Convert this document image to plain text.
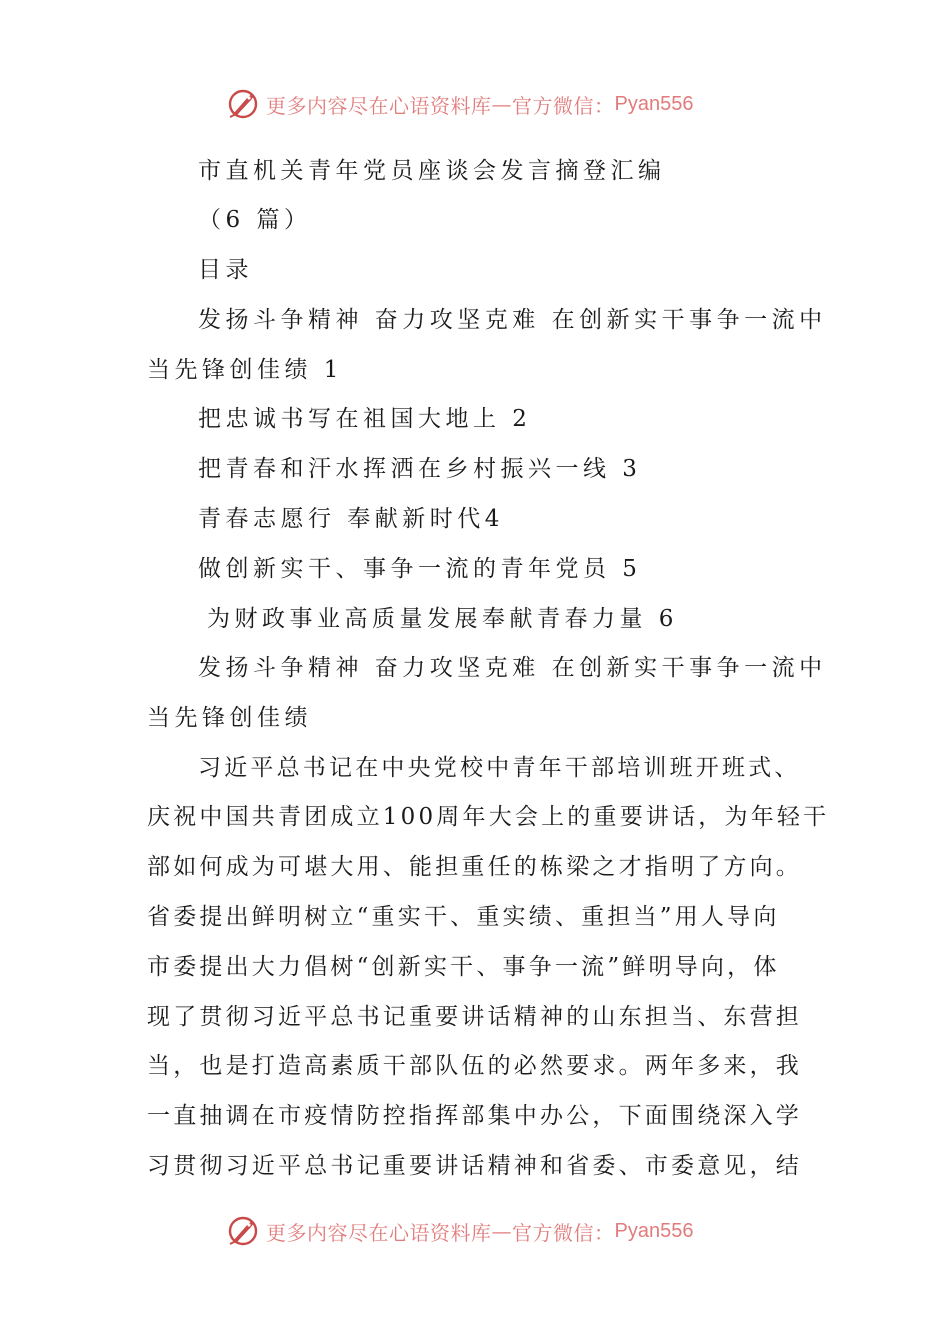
更多内容尽在心语资料库 — 官方微信： Pyan556
市直机关青年党员座谈会发言摘登汇编
（6 篇）
目录
发扬斗争精神 奋力攻坚克难 在创新实干事争一流中
当先锋创佳绩 1
把忠诚书写在祖国大地上 2
把青春和汗水挥洒在乡村振兴一线 3
青春志愿行 奉献新时代4
做创新实干、事争一流的青年党员 5
为财政事业高质量发展奉献青春力量 6
发扬斗争精神 奋力攻坚克难 在创新实干事争一流中
当先锋创佳绩
习近平总书记在中央党校中青年干部培训班开班式、
庆祝中国共青团成立100周年大会上的重要讲话，为年轻干
部如何成为可堪大用、能担重任的栋梁之才指明了方向。
省委提出鲜明树立“重实干、重实绩、重担当”用人导向
市委提出大力倡树“创新实干、事争一流”鲜明导向，体
现了贯彻习近平总书记重要讲话精神的山东担当、东营担
当，也是打造高素质干部队伍的必然要求。两年多来，我
一直抽调在市疫情防控指挥部集中办公，下面围绕深入学
习贯彻习近平总书记重要讲话精神和省委、市委意见，结
更多内容尽在心语资料库 — 官方微信： Pyan556
